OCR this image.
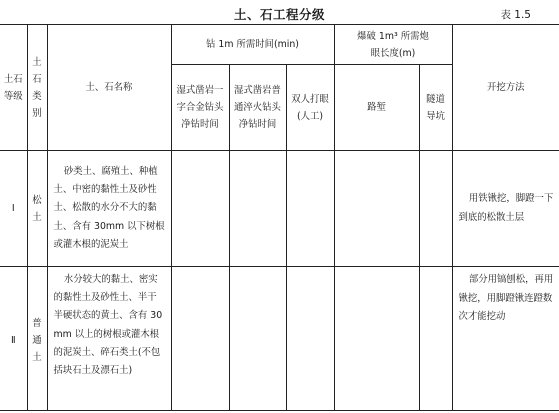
土、石工程分级	表 1.5
土石等级	土石类别	土、石名称	钻 1m 所需时间(min)			爆破 1m³ 所需炮眼长度(m)		开挖方法
			湿式凿岩一字合金钻头净钻时间	湿式凿岩普通淬火钻头净钻时间	双人打眼(人工)	路堑	隧道导坑	
Ⅰ	松土	砂类土、腐殖土、种植土、中密的黏性土及砂性土、松散的水分不大的黏土、含有 30mm 以下树根或灌木根的泥炭土						用铁锹挖，脚蹬一下到底的松散土层
Ⅱ	普通土	水分较大的黏土、密实的黏性土及砂性土、半干半硬状态的黄土、含有 30mm 以上的树根或灌木根的泥炭土、碎石类土(不包括块石土及漂石土)						部分用镐刨松，再用锹挖，用脚蹬锹连蹬数次才能挖动
